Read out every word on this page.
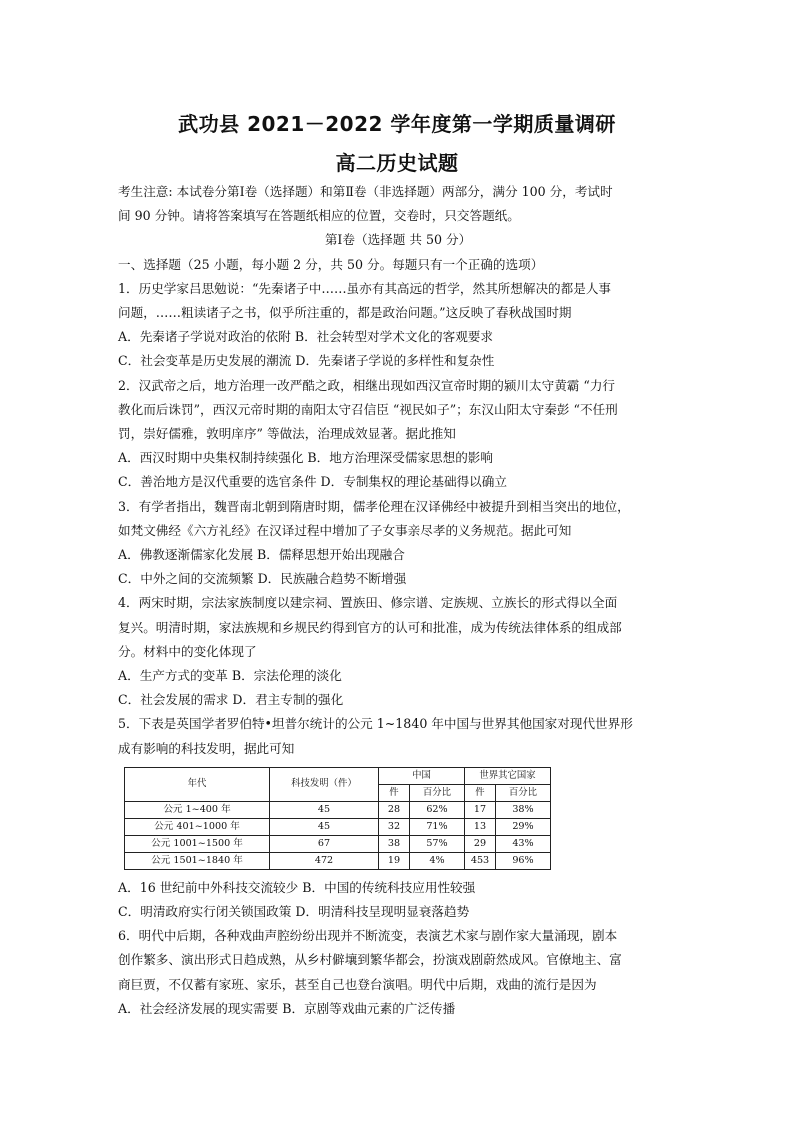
武功县 2021－2022 学年度第一学期质量调研
高二历史试题
考生注意: 本试卷分第Ⅰ卷（选择题）和第Ⅱ卷（非选择题）两部分，满分 100 分，考试时
间 90 分钟。请将答案填写在答题纸相应的位置，交卷时，只交答题纸。
第Ⅰ卷（选择题 共 50 分）
一、选择题（25 小题，每小题 2 分，共 50 分。每题只有一个正确的选项）
1．历史学家吕思勉说：“先秦诸子中……虽亦有其高远的哲学，然其所想解决的都是人事
问题，……粗读诸子之书，似乎所注重的，都是政治问题。”这反映了春秋战国时期
A．先秦诸子学说对政治的依附 B．社会转型对学术文化的客观要求
C．社会变革是历史发展的潮流 D．先秦诸子学说的多样性和复杂性
2．汉武帝之后，地方治理一改严酷之政，相继出现如西汉宣帝时期的颍川太守黄霸 “力行
教化而后诛罚”，西汉元帝时期的南阳太守召信臣 “视民如子”；东汉山阳太守秦彭 “不任刑
罚，崇好儒雅，敦明庠序” 等做法，治理成效显著。据此推知
A．西汉时期中央集权制持续强化 B．地方治理深受儒家思想的影响
C．善治地方是汉代重要的选官条件 D．专制集权的理论基础得以确立
3．有学者指出，魏晋南北朝到隋唐时期，儒孝伦理在汉译佛经中被提升到相当突出的地位，
如梵文佛经《六方礼经》在汉译过程中增加了子女事亲尽孝的义务规范。据此可知
A．佛教逐渐儒家化发展 B．儒释思想开始出现融合
C．中外之间的交流频繁 D．民族融合趋势不断增强
4．两宋时期，宗法家族制度以建宗祠、置族田、修宗谱、定族规、立族长的形式得以全面
复兴。明清时期，家法族规和乡规民约得到官方的认可和批准，成为传统法律体系的组成部
分。材料中的变化体现了
A．生产方式的变革 B．宗法伦理的淡化
C．社会发展的需求 D．君主专制的强化
5．下表是英国学者罗伯特•坦普尔统计的公元 1~1840 年中国与世界其他国家对现代世界形
成有影响的科技发明，据此可知
年代	科技发明（件）	中国		世界其它国家	
		件	百分比	件	百分比
公元 1~400 年	45	28	62%	17	38%
公元 401~1000 年	45	32	71%	13	29%
公元 1001~1500 年	67	38	57%	29	43%
公元 1501~1840 年	472	19	4%	453	96%
A．16 世纪前中外科技交流较少 B．中国的传统科技应用性较强
C．明清政府实行闭关锁国政策 D．明清科技呈现明显衰落趋势
6．明代中后期，各种戏曲声腔纷纷出现并不断流变，表演艺术家与剧作家大量涌现，剧本
创作繁多、演出形式日趋成熟，从乡村僻壤到繁华都会，扮演戏剧蔚然成风。官僚地主、富
商巨贾，不仅蓄有家班、家乐，甚至自己也登台演唱。明代中后期，戏曲的流行是因为
A．社会经济发展的现实需要 B．京剧等戏曲元素的广泛传播
